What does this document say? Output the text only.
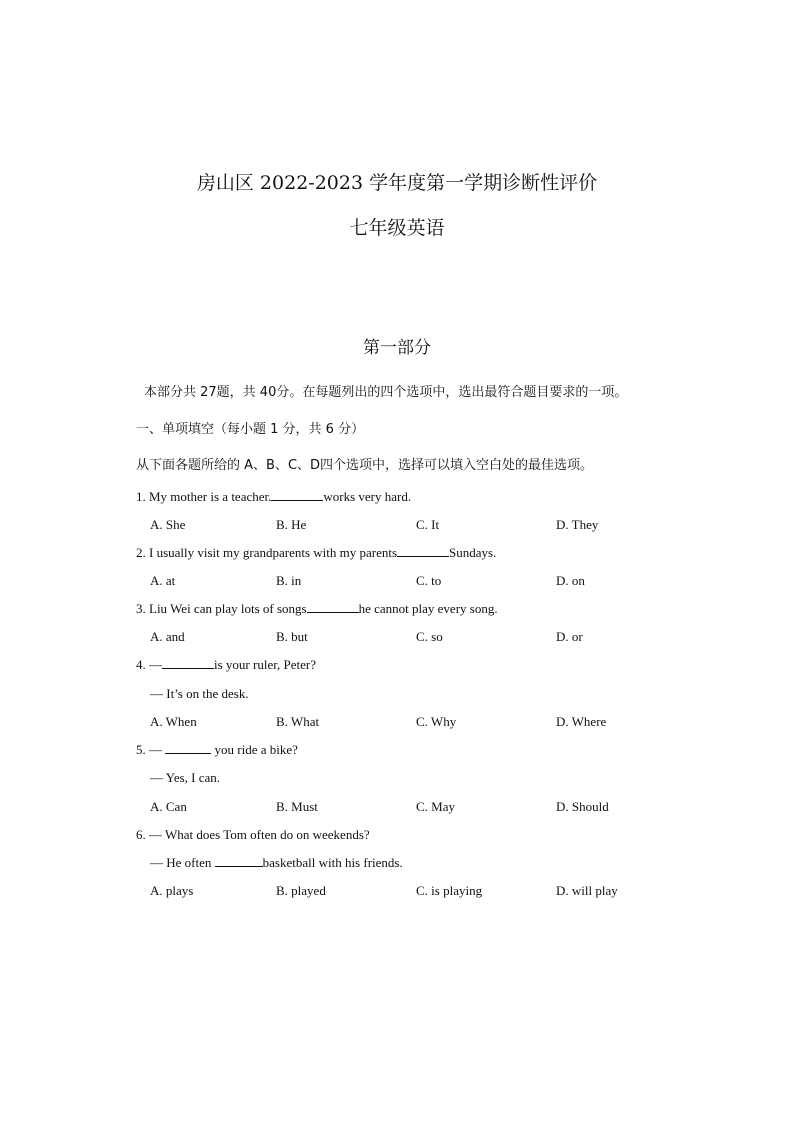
房山区 2022-2023 学年度第一学期诊断性评价
七年级英语
第一部分
本部分共 27题，共 40分。在每题列出的四个选项中，选出最符合题目要求的一项。
一、单项填空（每小题 1 分，共 6 分）
从下面各题所给的 A、B、C、D四个选项中，选择可以填入空白处的最佳选项。
1. My mother is a teacher.	works very hard.
A. She	B. He	C. It	D. They
2. I usually visit my grandparents with my parents	Sundays.
A. at	B. in	C. to	D. on
3. Liu Wei can play lots of songs	he cannot play every song.
A. and	B. but	C. so	D. or
4. —	is your ruler, Peter?
— It’s on the desk.
A. When	B. What	C. Why	D. Where
5. —	you ride a bike?
— Yes, I can.
A. Can	B. Must	C. May	D. Should
6. — What does Tom often do on weekends?
— He often	basketball with his friends.
A. plays	B. played	C. is playing	D. will play
